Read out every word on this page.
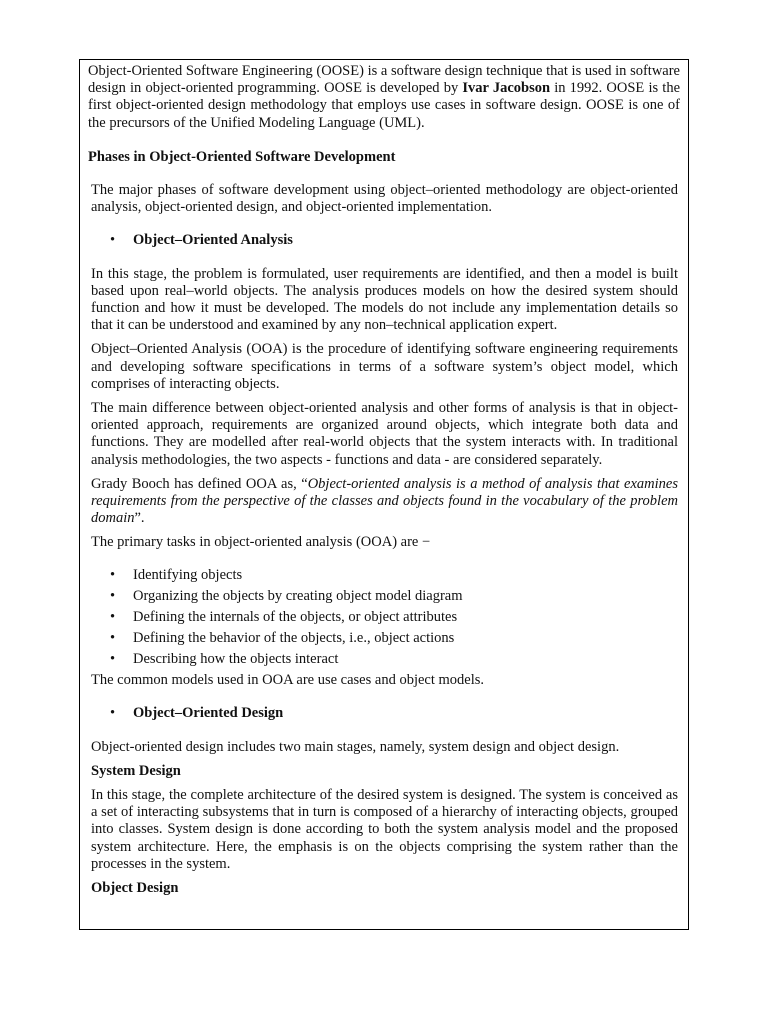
Object-Oriented Software Engineering (OOSE) is a software design technique that is used in software design in object-oriented programming. OOSE is developed by Ivar Jacobson in 1992. OOSE is the first object-oriented design methodology that employs use cases in software design. OOSE is one of the precursors of the Unified Modeling Language (UML).

Phases in Object-Oriented Software Development

The major phases of software development using object–oriented methodology are object-oriented analysis, object-oriented design, and object-oriented implementation.

• Object–Oriented Analysis

In this stage, the problem is formulated, user requirements are identified, and then a model is built based upon real–world objects. The analysis produces models on how the desired system should function and how it must be developed. The models do not include any implementation details so that it can be understood and examined by any non–technical application expert.

Object–Oriented Analysis (OOA) is the procedure of identifying software engineering requirements and developing software specifications in terms of a software system’s object model, which comprises of interacting objects.

The main difference between object-oriented analysis and other forms of analysis is that in object-oriented approach, requirements are organized around objects, which integrate both data and functions. They are modelled after real-world objects that the system interacts with. In traditional analysis methodologies, the two aspects - functions and data - are considered separately.

Grady Booch has defined OOA as, “Object-oriented analysis is a method of analysis that examines requirements from the perspective of the classes and objects found in the vocabulary of the problem domain”.

The primary tasks in object-oriented analysis (OOA) are −

• Identifying objects
• Organizing the objects by creating object model diagram
• Defining the internals of the objects, or object attributes
• Defining the behavior of the objects, i.e., object actions
• Describing how the objects interact

The common models used in OOA are use cases and object models.

• Object–Oriented Design

Object-oriented design includes two main stages, namely, system design and object design.

System Design

In this stage, the complete architecture of the desired system is designed. The system is conceived as a set of interacting subsystems that in turn is composed of a hierarchy of interacting objects, grouped into classes. System design is done according to both the system analysis model and the proposed system architecture. Here, the emphasis is on the objects comprising the system rather than the processes in the system.

Object Design
